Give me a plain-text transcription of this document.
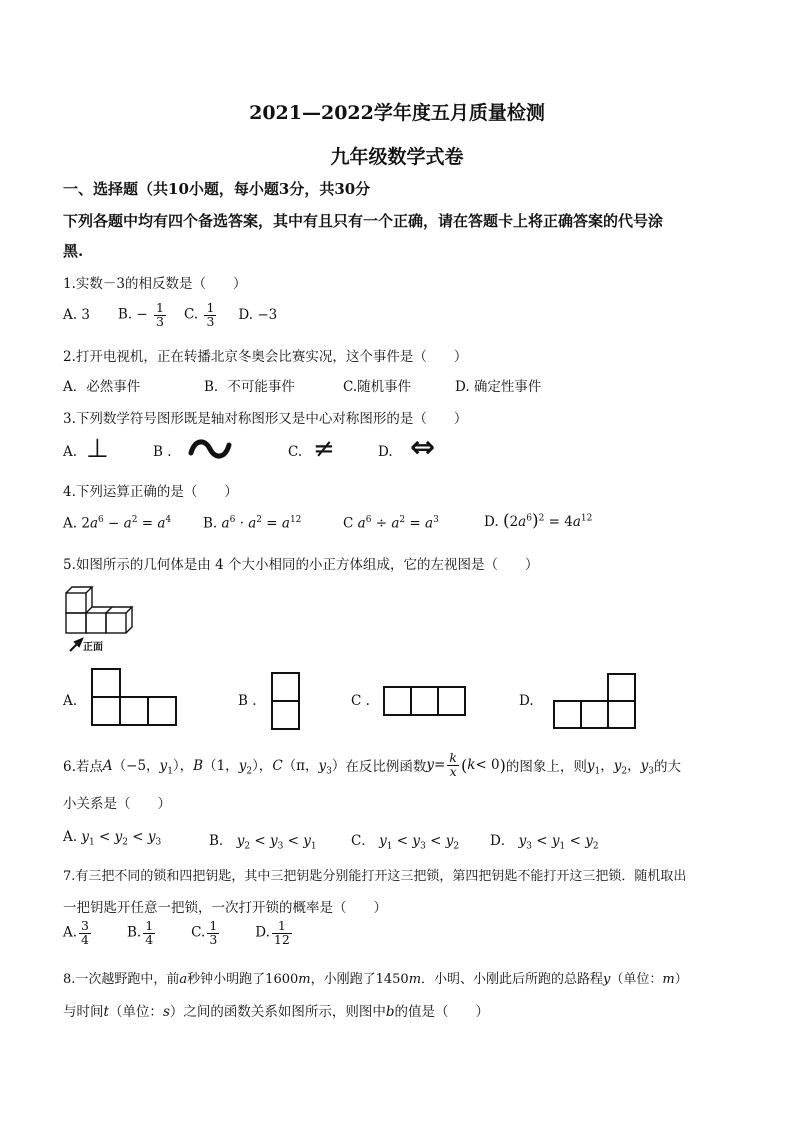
2021—2022学年度五月质量检测
九年级数学式卷
一、选择题（共10小题，每小题3分，共30分
下列各题中均有四个备选答案，其中有且只有一个正确，请在答题卡上将正确答案的代号涂
黑.
1.实数－3的相反数是（　　）
A. 3 B. − $\frac{1}{3} C$. $\frac{1}{3} D$. −3
2.打开电视机，正在转播北京冬奥会比赛实况，这个事件是（　　）
A．必然事件	B．不可能事件	C.随机事件	D. 确定性事件
3.下列数学符号图形既是轴对称图形又是中心对称图形的是（　　）
A. ⊥	B .	C. ≠	D. ⇔
4.下列运算正确的是（　　）
A. $2a^6 - a^2 = a^4$ B. $a^6 \cdot a^2 = a^{12}$	C $a^6 \div a^2 = a^3$	D. $(2a^6)^2 = 4a^{12}$
5.如图所示的几何体是由 4 个大小相同的小正方体组成，它的左视图是（　　）
正面
A.	B .	C .	D.
6.若点 A（−5，$y_1$），B（1，$y_2$），C（π，$y_3$） 在反比例函数 $y = \frac{k}{x}$ ( k < 0 ) 的图象上，则 $y_1$，$y_2$，$y_3$ 的大
小关系是（　　）
A. $y_1 < y_2 < y_3$	B． $y_2 < y_3 < y_1$	C． $y_1 < y_3 < y_2$ D． $y_3 < y_1 < y_2$
7.有三把不同的锁和四把钥匙，其中三把钥匙分别能打开这三把锁，第四把钥匙不能打开这三把锁．随机取出
一把钥匙开任意一把锁，一次打开锁的概率是（　　）
A. $\frac{3}{4}$	B. $\frac{1}{4}$	C. $\frac{1}{3}$	D. $\frac{1}{12}$
8.一次越野跑中，前a秒钟小明跑了1600m，小刚跑了1450m．小明、小刚此后所跑的总路程y（单位：m）
与时间t（单位：s）之间的函数关系如图所示，则图中b的值是（　　）
